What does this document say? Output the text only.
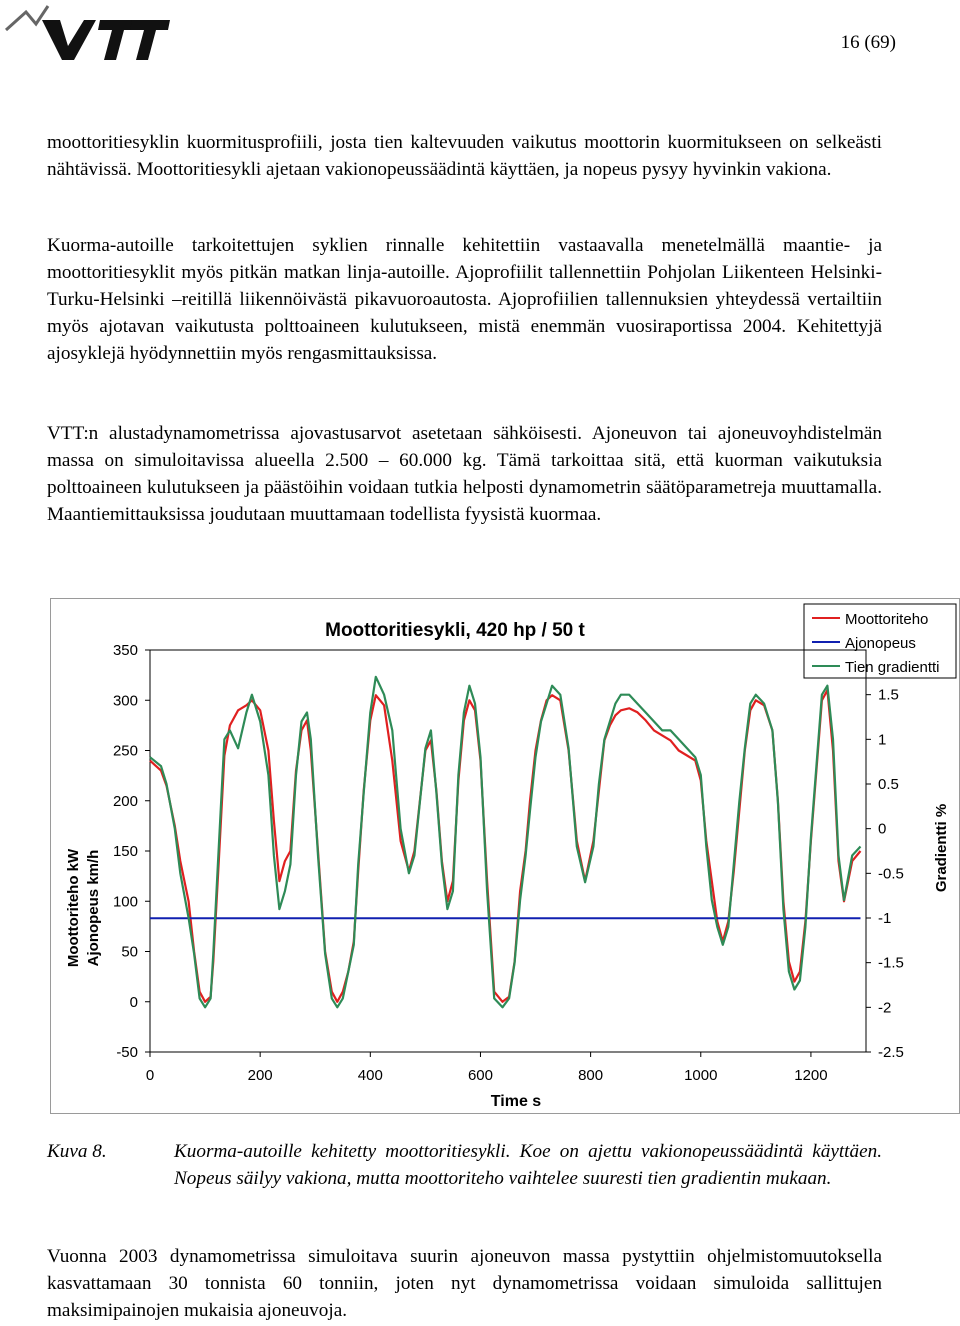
16 (69)

moottoritiesyklin kuormitusprofiili, josta tien kaltevuuden vaikutus moottorin kuormitukseen on selkeästi nähtävissä. Moottoritiesykli ajetaan vakionopeussäädintä käyttäen, ja nopeus pysyy hyvinkin vakiona.

Kuorma-autoille tarkoitettujen syklien rinnalle kehitettiin vastaavalla menetelmällä maantie- ja moottoritiesyklit myös pitkän matkan linja-autoille. Ajoprofiilit tallennettiin Pohjolan Liikenteen Helsinki-Turku-Helsinki –reitillä liikennöivästä pikavuoroautosta. Ajoprofiilien tallennuksien yhteydessä vertailtiin myös ajotavan vaikutusta polttoaineen kulutukseen, mistä enemmän vuosiraportissa 2004. Kehitettyjä ajosyklejä hyödynnettiin myös rengasmittauksissa.

VTT:n alustadynamometrissa ajovastusarvot asetetaan sähköisesti. Ajoneuvon tai ajoneuvoyhdistelmän massa on simuloitavissa alueella 2.500 – 60.000 kg. Tämä tarkoittaa sitä, että kuorman vaikutuksia polttoaineen kulutukseen ja päästöihin voidaan tutkia helposti dynamometrin säätöparametreja muuttamalla. Maantiemittauksissa joudutaan muuttamaan todellista fyysistä kuormaa.

Moottoritiesykli, 420 hp / 50 t
Moottoriteho
Ajonopeus
Tien gradientti
0	200	400	600	800	1000	1200
350
300
250
200
150
100
50
0
-50
1.5
1
0.5
0
-0.5
-1
-1.5
-2
-2.5
Moottoriteho kW Ajonopeus km/h
Gradientti %
Time s
Kuva 8.	Kuorma-autoille kehitetty moottoritiesykli. Koe on ajettu vakionopeussäädintä käyttäen. Nopeus säilyy vakiona, mutta moottoriteho vaihtelee suuresti tien gradientin mukaan.

Vuonna 2003 dynamometrissa simuloitava suurin ajoneuvon massa pystyttiin ohjelmistomuutoksella kasvattamaan 30 tonnista 60 tonniin, joten nyt dynamometrissa voidaan simuloida sallittujen maksimipainojen mukaisia ajoneuvoja.
